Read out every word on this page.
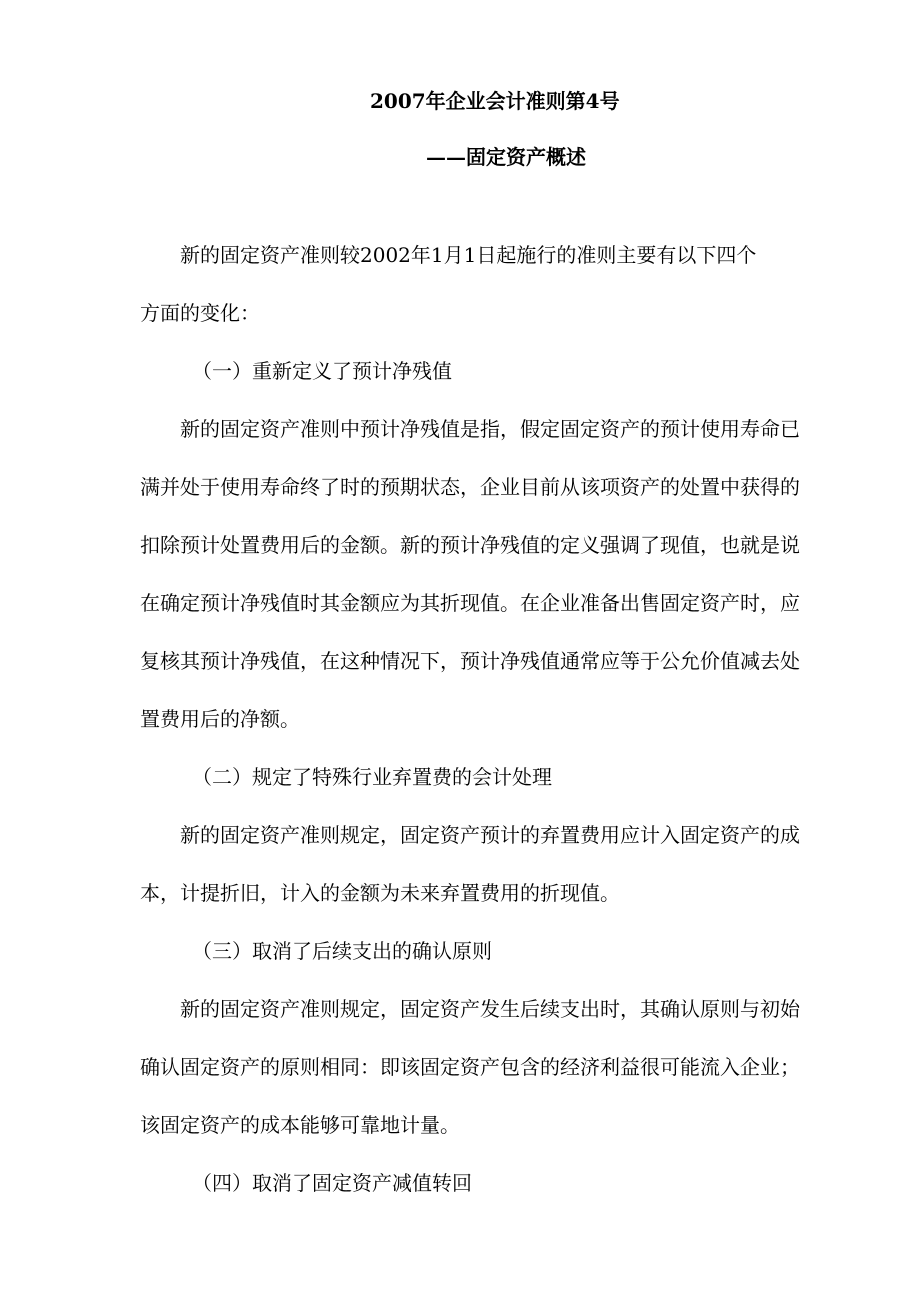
2007年企业会计准则第4号
——固定资产概述
　　新的固定资产准则较2002年1月1日起施行的准则主要有以下四个
方面的变化：
（一）重新定义了预计净残值
　　新的固定资产准则中预计净残值是指，假定固定资产的预计使用寿命已
满并处于使用寿命终了时的预期状态，企业目前从该项资产的处置中获得的
扣除预计处置费用后的金额。新的预计净残值的定义强调了现值，也就是说
在确定预计净残值时其金额应为其折现值。在企业准备出售固定资产时，应
复核其预计净残值，在这种情况下，预计净残值通常应等于公允价值减去处
置费用后的净额。
（二）规定了特殊行业弃置费的会计处理
　　新的固定资产准则规定，固定资产预计的弃置费用应计入固定资产的成
本，计提折旧，计入的金额为未来弃置费用的折现值。
（三）取消了后续支出的确认原则
　　新的固定资产准则规定，固定资产发生后续支出时，其确认原则与初始
确认固定资产的原则相同：即该固定资产包含的经济利益很可能流入企业；
该固定资产的成本能够可靠地计量。
（四）取消了固定资产减值转回
